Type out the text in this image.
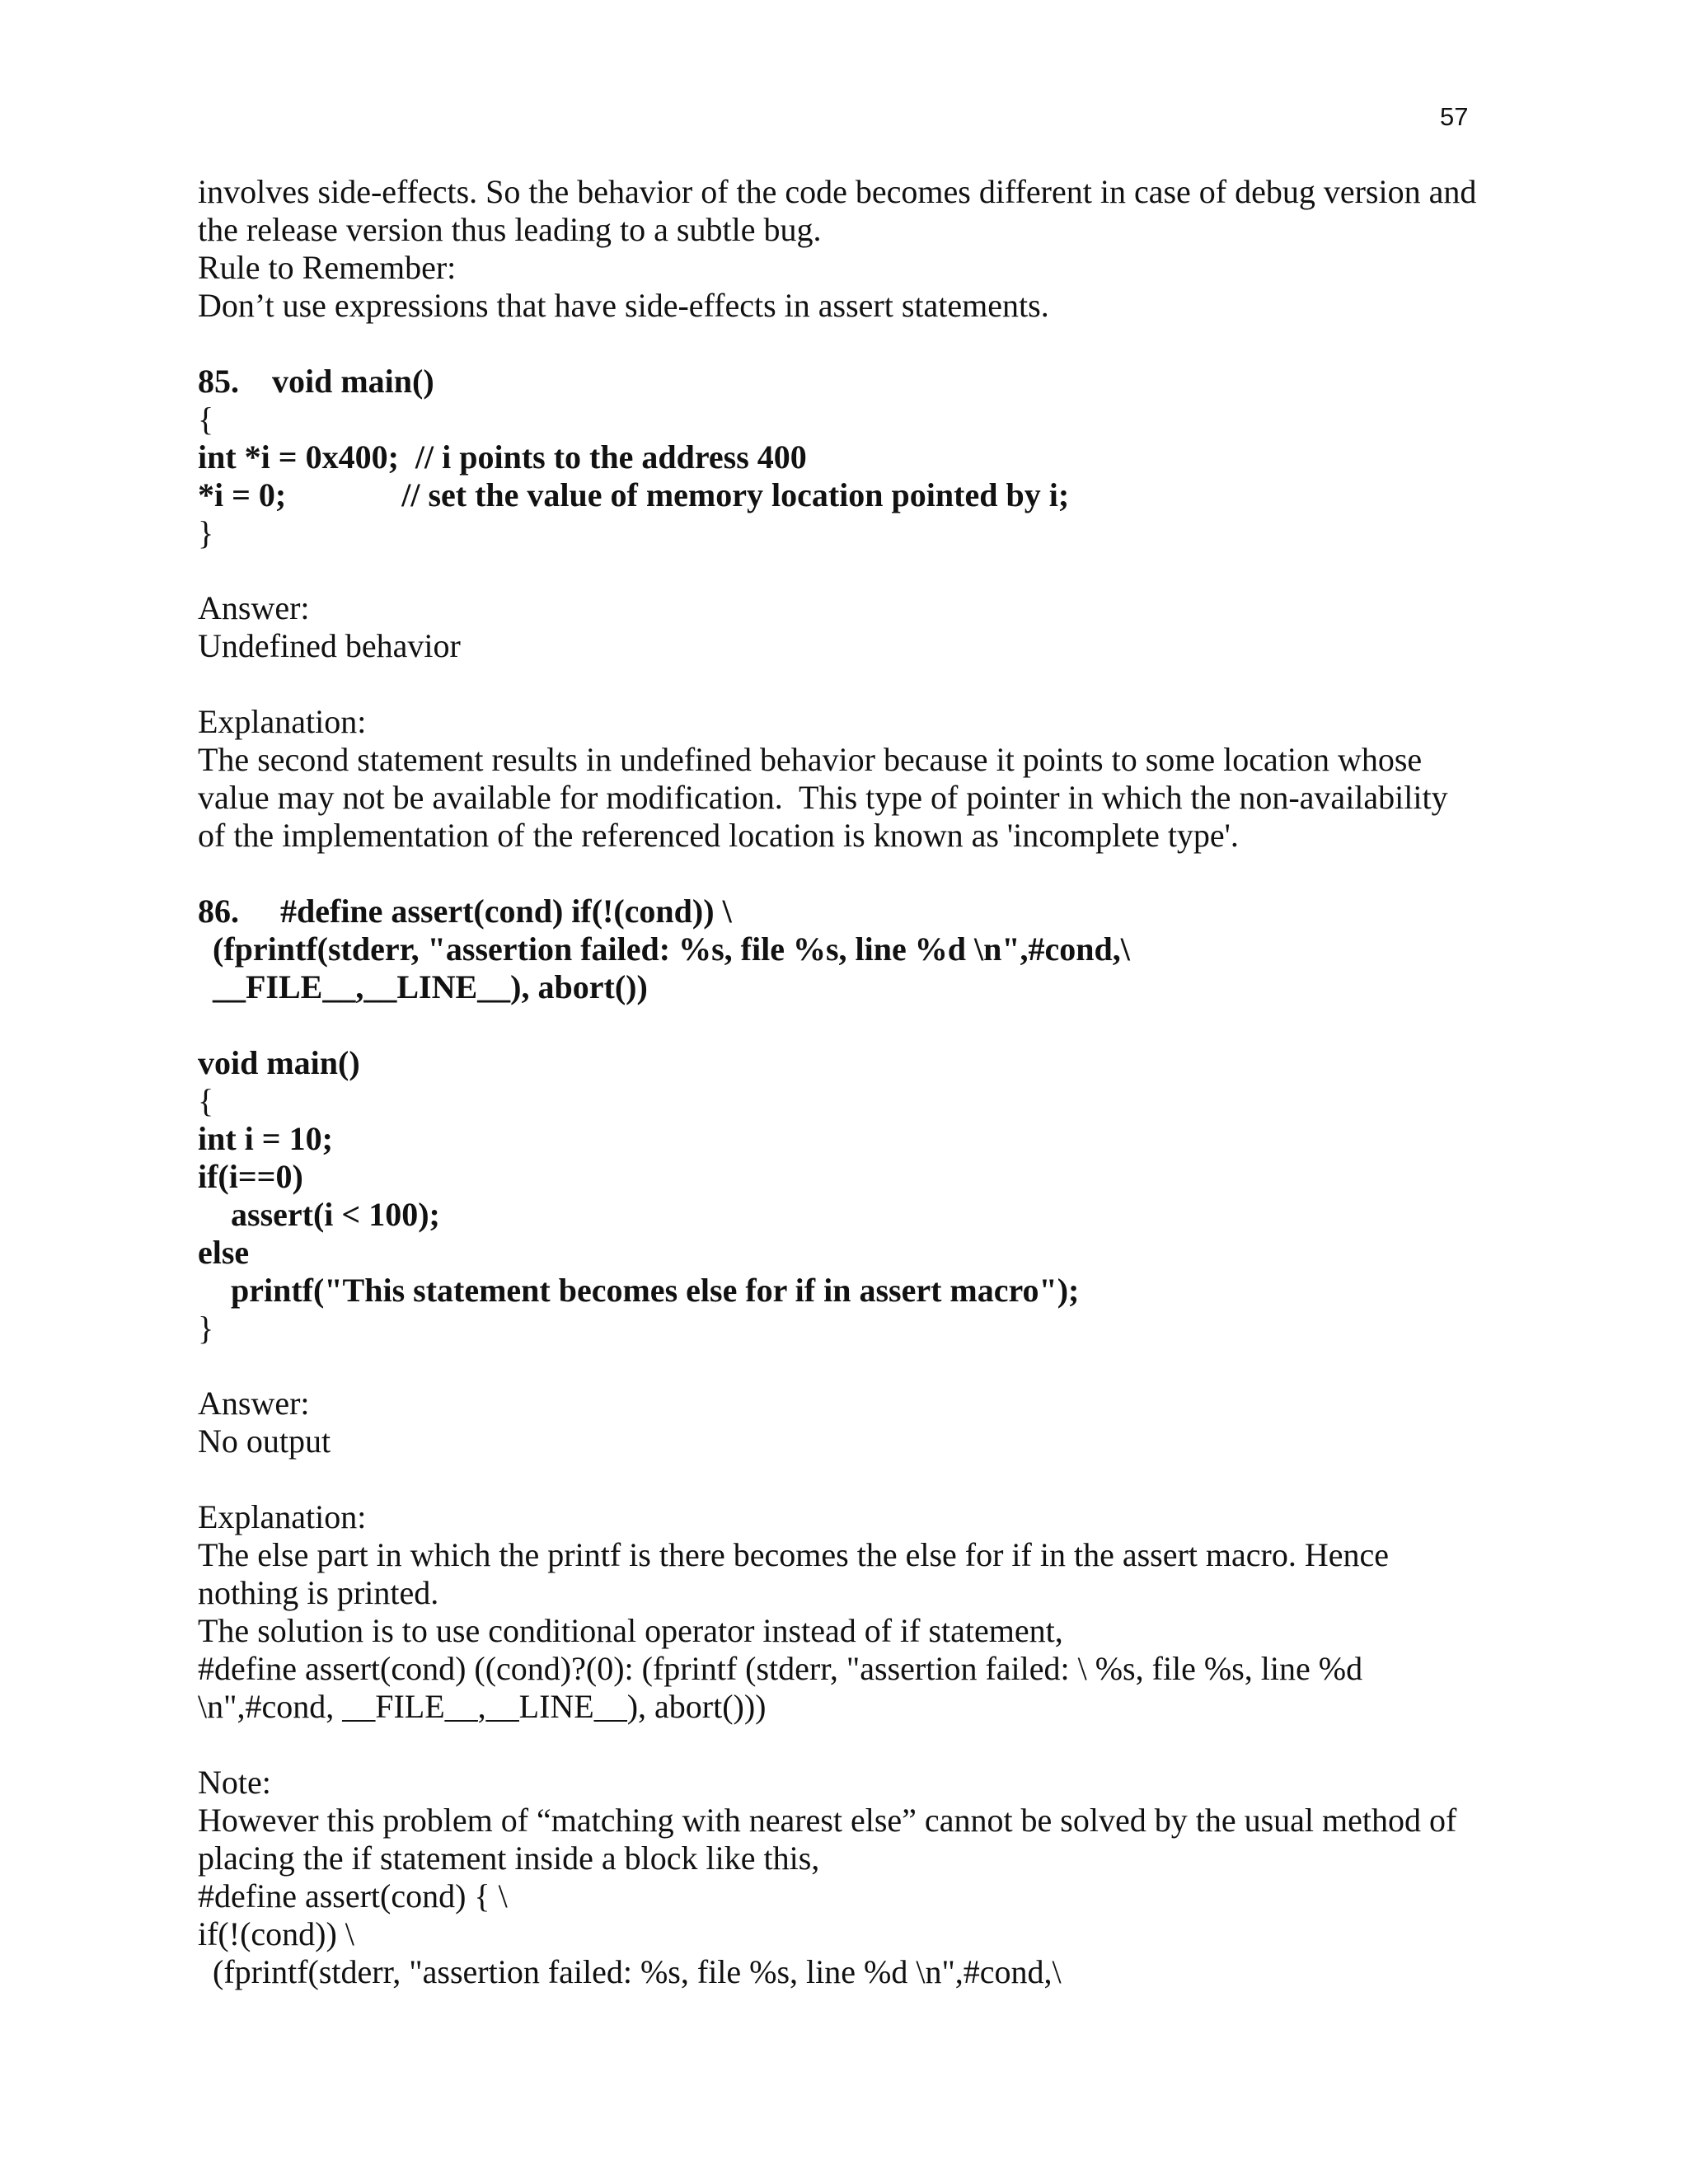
57
involves side-effects. So the behavior of the code becomes different in case of debug version and
the release version thus leading to a subtle bug.
Rule to Remember:
Don’t use expressions that have side-effects in assert statements.
85.    void main()
{
int *i = 0x400;  // i points to the address 400
*i = 0;              // set the value of memory location pointed by i;
}
Answer:
Undefined behavior
Explanation:
The second statement results in undefined behavior because it points to some location whose
value may not be available for modification.  This type of pointer in which the non-availability
of the implementation of the referenced location is known as 'incomplete type'.
86.     #define assert(cond) if(!(cond)) \
(fprintf(stderr, "assertion failed: %s, file %s, line %d \n",#cond,\
__FILE__,__LINE__), abort())
void main()
{
int i = 10;
if(i==0)
assert(i < 100);
else
printf("This statement becomes else for if in assert macro");
}
Answer:
No output
Explanation:
The else part in which the printf is there becomes the else for if in the assert macro. Hence
nothing is printed.
The solution is to use conditional operator instead of if statement,
#define assert(cond) ((cond)?(0): (fprintf (stderr, "assertion failed: \ %s, file %s, line %d
\n",#cond, __FILE__,__LINE__), abort()))
Note:
However this problem of “matching with nearest else” cannot be solved by the usual method of
placing the if statement inside a block like this,
#define assert(cond) { \
if(!(cond)) \
(fprintf(stderr, "assertion failed: %s, file %s, line %d \n",#cond,\
